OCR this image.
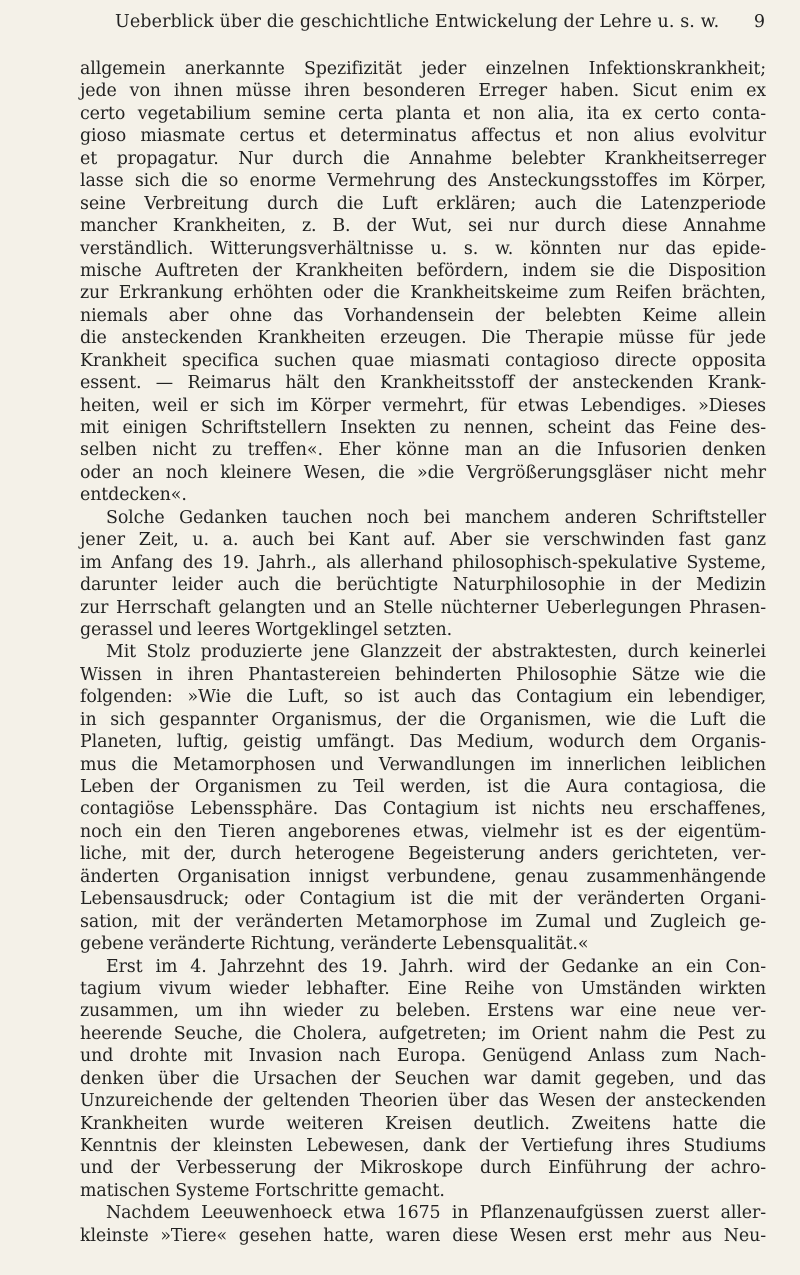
Ueberblick über die geschichtliche Entwickelung der Lehre u. s. w. 9
allgemein anerkannte Spezifizität jeder einzelnen Infektionskrankheit;
jede von ihnen müsse ihren besonderen Erreger haben. Sicut enim ex
certo vegetabilium semine certa planta et non alia, ita ex certo conta-
gioso miasmate certus et determinatus affectus et non alius evolvitur
et propagatur. Nur durch die Annahme belebter Krankheitserreger
lasse sich die so enorme Vermehrung des Ansteckungsstoffes im Körper,
seine Verbreitung durch die Luft erklären; auch die Latenzperiode
mancher Krankheiten, z. B. der Wut, sei nur durch diese Annahme
verständlich. Witterungsverhältnisse u. s. w. könnten nur das epide-
mische Auftreten der Krankheiten befördern, indem sie die Disposition
zur Erkrankung erhöhten oder die Krankheitskeime zum Reifen brächten,
niemals aber ohne das Vorhandensein der belebten Keime allein
die ansteckenden Krankheiten erzeugen. Die Therapie müsse für jede
Krankheit specifica suchen quae miasmati contagioso directe opposita
essent. — Reimarus hält den Krankheitsstoff der ansteckenden Krank-
heiten, weil er sich im Körper vermehrt, für etwas Lebendiges. »Dieses
mit einigen Schriftstellern Insekten zu nennen, scheint das Feine des-
selben nicht zu treffen«. Eher könne man an die Infusorien denken
oder an noch kleinere Wesen, die »die Vergrößerungsgläser nicht mehr
entdecken«.
Solche Gedanken tauchen noch bei manchem anderen Schriftsteller
jener Zeit, u. a. auch bei Kant auf. Aber sie verschwinden fast ganz
im Anfang des 19. Jahrh., als allerhand philosophisch-spekulative Systeme,
darunter leider auch die berüchtigte Naturphilosophie in der Medizin
zur Herrschaft gelangten und an Stelle nüchterner Ueberlegungen Phrasen-
gerassel und leeres Wortgeklingel setzten.
Mit Stolz produzierte jene Glanzzeit der abstraktesten, durch keinerlei
Wissen in ihren Phantastereien behinderten Philosophie Sätze wie die
folgenden: »Wie die Luft, so ist auch das Contagium ein lebendiger,
in sich gespannter Organismus, der die Organismen, wie die Luft die
Planeten, luftig, geistig umfängt. Das Medium, wodurch dem Organis-
mus die Metamorphosen und Verwandlungen im innerlichen leiblichen
Leben der Organismen zu Teil werden, ist die Aura contagiosa, die
contagiöse Lebenssphäre. Das Contagium ist nichts neu erschaffenes,
noch ein den Tieren angeborenes etwas, vielmehr ist es der eigentüm-
liche, mit der, durch heterogene Begeisterung anders gerichteten, ver-
änderten Organisation innigst verbundene, genau zusammenhängende
Lebensausdruck; oder Contagium ist die mit der veränderten Organi-
sation, mit der veränderten Metamorphose im Zumal und Zugleich ge-
gebene veränderte Richtung, veränderte Lebensqualität.«
Erst im 4. Jahrzehnt des 19. Jahrh. wird der Gedanke an ein Con-
tagium vivum wieder lebhafter. Eine Reihe von Umständen wirkten
zusammen, um ihn wieder zu beleben. Erstens war eine neue ver-
heerende Seuche, die Cholera, aufgetreten; im Orient nahm die Pest zu
und drohte mit Invasion nach Europa. Genügend Anlass zum Nach-
denken über die Ursachen der Seuchen war damit gegeben, und das
Unzureichende der geltenden Theorien über das Wesen der ansteckenden
Krankheiten wurde weiteren Kreisen deutlich. Zweitens hatte die
Kenntnis der kleinsten Lebewesen, dank der Vertiefung ihres Studiums
und der Verbesserung der Mikroskope durch Einführung der achro-
matischen Systeme Fortschritte gemacht.
Nachdem Leeuwenhoeck etwa 1675 in Pflanzenaufgüssen zuerst aller-
kleinste »Tiere« gesehen hatte, waren diese Wesen erst mehr aus Neu-
